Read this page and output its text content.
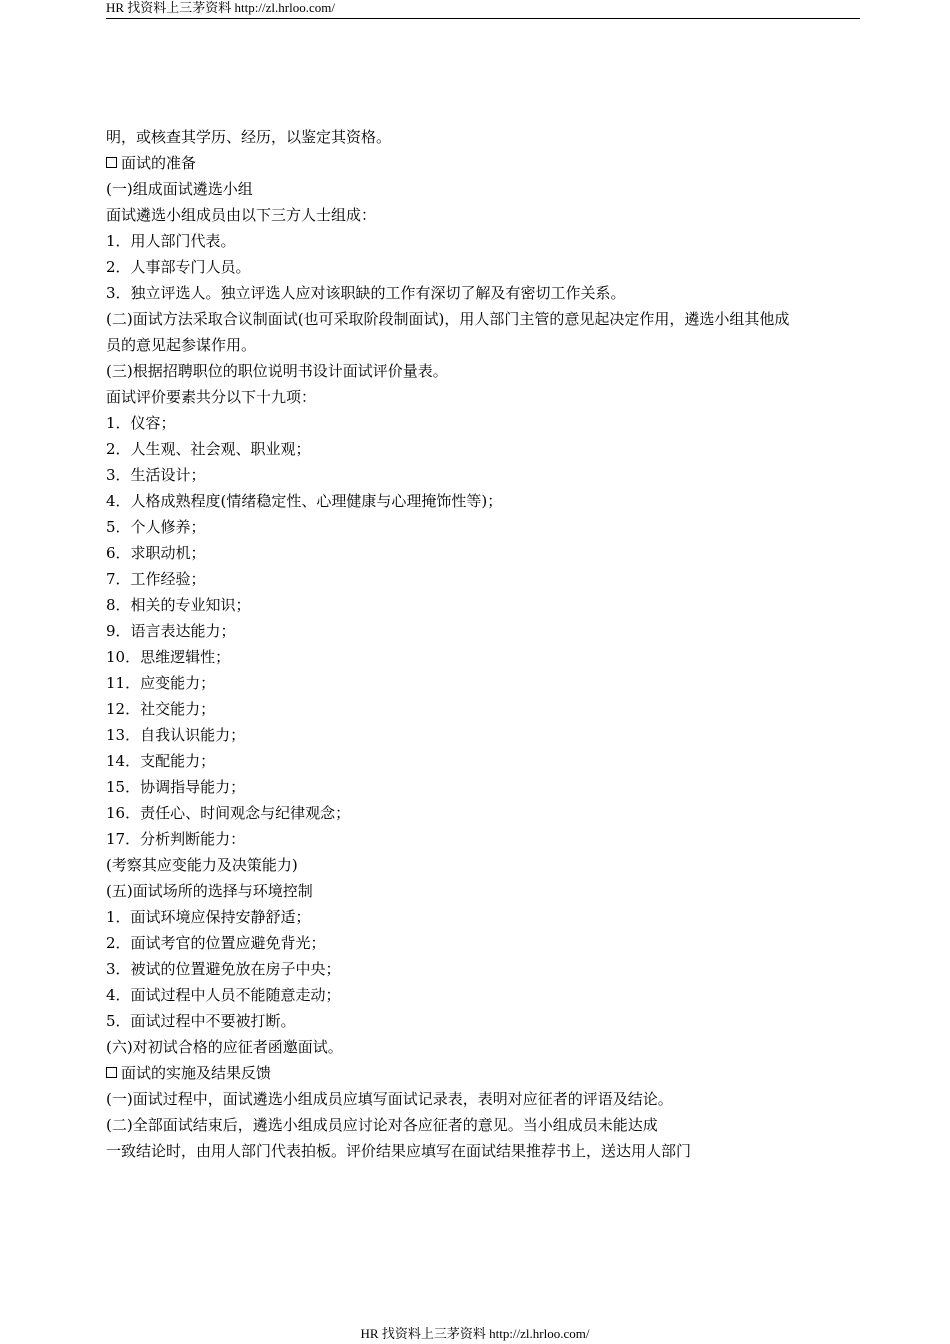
HR 找资料上三茅资料 http://zl.hrloo.com/
明，或核查其学历、经历，以鉴定其资格。
面试的准备
(一)组成面试遴选小组
面试遴选小组成员由以下三方人士组成：
1．用人部门代表。
2．人事部专门人员。
3．独立评选人。独立评选人应对该职缺的工作有深切了解及有密切工作关系。
(二)面试方法采取合议制面试(也可采取阶段制面试)，用人部门主管的意见起决定作用，遴选小组其他成
员的意见起参谋作用。
(三)根据招聘职位的职位说明书设计面试评价量表。
面试评价要素共分以下十九项：
1．仪容；
2．人生观、社会观、职业观；
3．生活设计；
4．人格成熟程度(情绪稳定性、心理健康与心理掩饰性等)；
5．个人修养；
6．求职动机；
7．工作经验；
8．相关的专业知识；
9．语言表达能力；
10．思维逻辑性；
11．应变能力；
12．社交能力；
13．自我认识能力；
14．支配能力；
15．协调指导能力；
16．责任心、时间观念与纪律观念；
17．分析判断能力：
(考察其应变能力及决策能力)
(五)面试场所的选择与环境控制
1．面试环境应保持安静舒适；
2．面试考官的位置应避免背光；
3．被试的位置避免放在房子中央；
4．面试过程中人员不能随意走动；
5．面试过程中不要被打断。
(六)对初试合格的应征者函邀面试。
面试的实施及结果反馈
(一)面试过程中，面试遴选小组成员应填写面试记录表，表明对应征者的评语及结论。
(二)全部面试结束后，遴选小组成员应讨论对各应征者的意见。当小组成员未能达成
一致结论时，由用人部门代表拍板。评价结果应填写在面试结果推荐书上，送达用人部门
HR 找资料上三茅资料 http://zl.hrloo.com/
